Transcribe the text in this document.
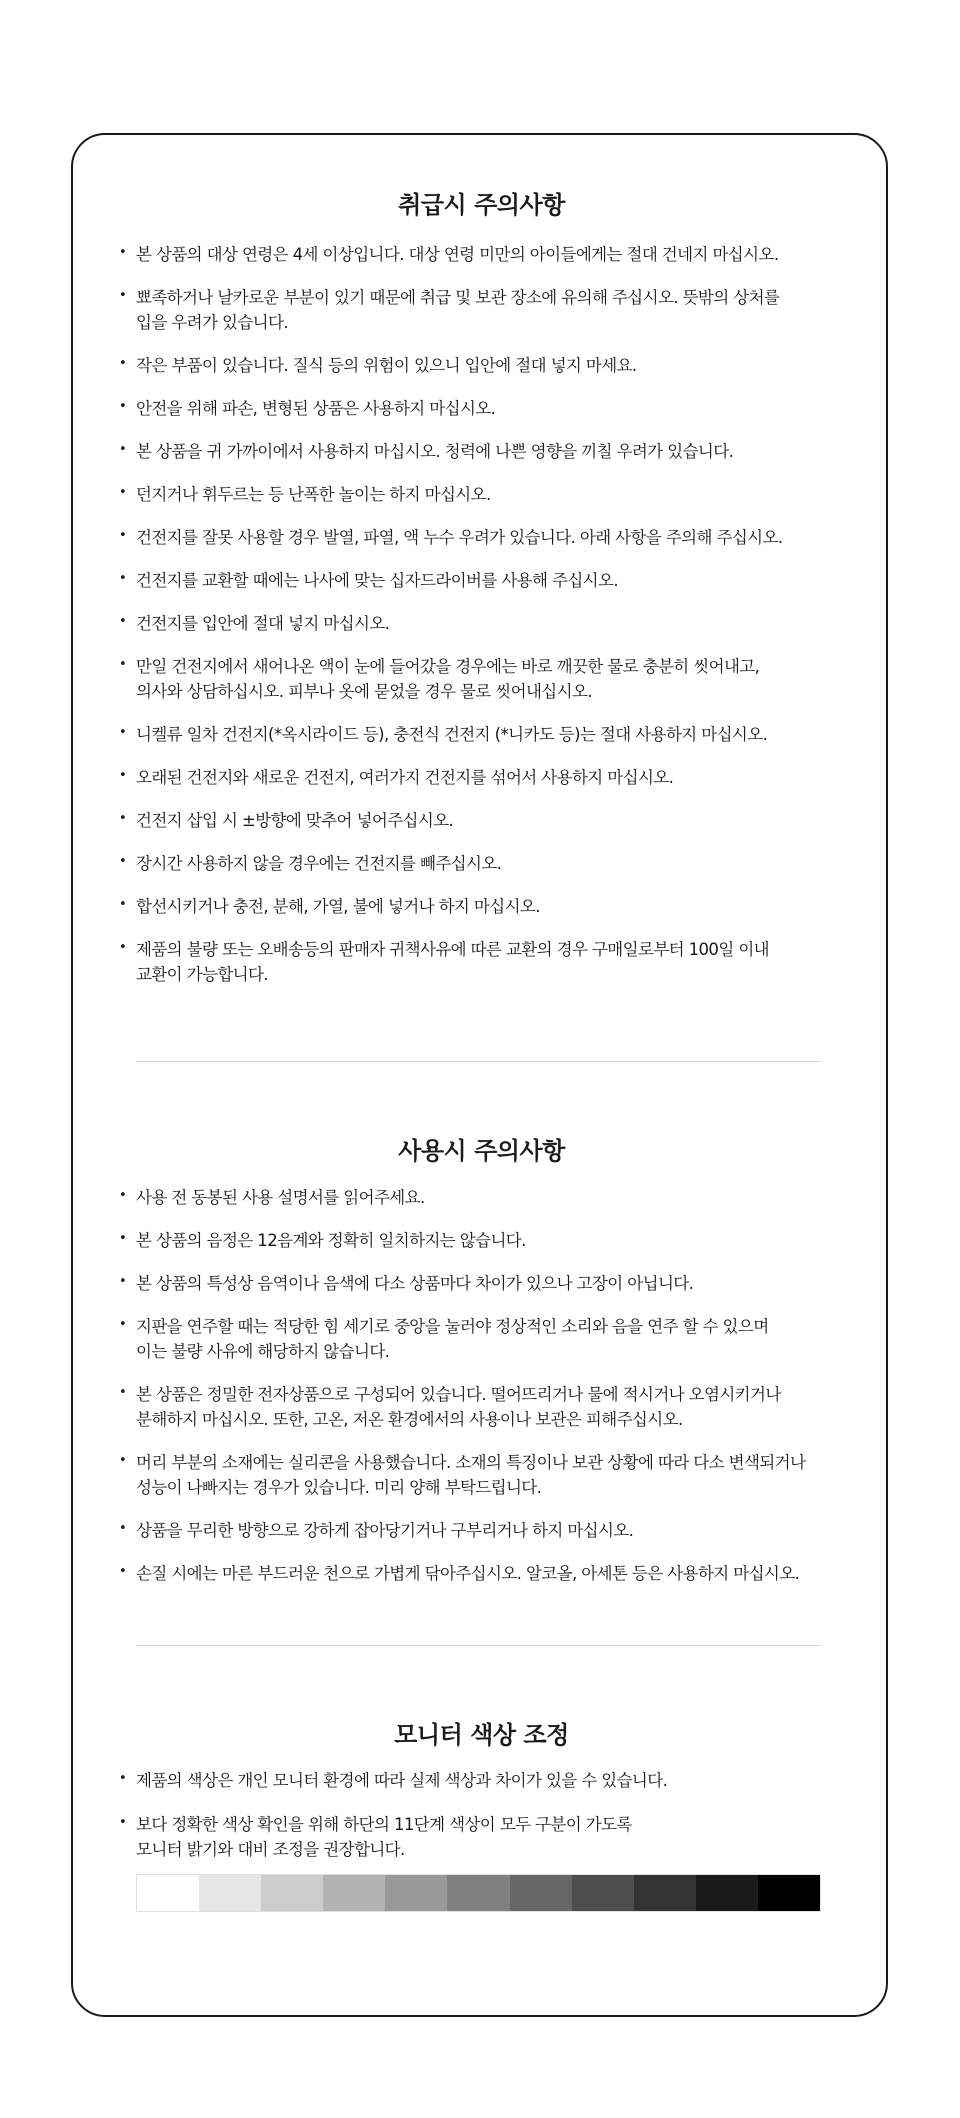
취급시 주의사항
• 본 상품의 대상 연령은 4세 이상입니다. 대상 연령 미만의 아이들에게는 절대 건네지 마십시오.
• 뾰족하거나 날카로운 부분이 있기 때문에 취급 및 보관 장소에 유의해 주십시오. 뜻밖의 상처를
입을 우려가 있습니다.
• 작은 부품이 있습니다. 질식 등의 위험이 있으니 입안에 절대 넣지 마세요.
• 안전을 위해 파손, 변형된 상품은 사용하지 마십시오.
• 본 상품을 귀 가까이에서 사용하지 마십시오. 청력에 나쁜 영향을 끼칠 우려가 있습니다.
• 던지거나 휘두르는 등 난폭한 놀이는 하지 마십시오.
• 건전지를 잘못 사용할 경우 발열, 파열, 액 누수 우려가 있습니다. 아래 사항을 주의해 주십시오.
• 건전지를 교환할 때에는 나사에 맞는 십자드라이버를 사용해 주십시오.
• 건전지를 입안에 절대 넣지 마십시오.
• 만일 건전지에서 새어나온 액이 눈에 들어갔을 경우에는 바로 깨끗한 물로 충분히 씻어내고,
의사와 상담하십시오. 피부나 옷에 묻었을 경우 물로 씻어내십시오.
• 니켈류 일차 건전지(*옥시라이드 등), 충전식 건전지 (*니카도 등)는 절대 사용하지 마십시오.
• 오래된 건전지와 새로운 건전지, 여러가지 건전지를 섞어서 사용하지 마십시오.
• 건전지 삽입 시 ±방향에 맞추어 넣어주십시오.
• 장시간 사용하지 않을 경우에는 건전지를 빼주십시오.
• 합선시키거나 충전, 분해, 가열, 불에 넣거나 하지 마십시오.
• 제품의 불량 또는 오배송등의 판매자 귀책사유에 따른 교환의 경우 구매일로부터 100일 이내
교환이 가능합니다.
사용시 주의사항
• 사용 전 동봉된 사용 설명서를 읽어주세요.
• 본 상품의 음정은 12음계와 정확히 일치하지는 않습니다.
• 본 상품의 특성상 음역이나 음색에 다소 상품마다 차이가 있으나 고장이 아닙니다.
• 지판을 연주할 때는 적당한 힘 세기로 중앙을 눌러야 정상적인 소리와 음을 연주 할 수 있으며
이는 불량 사유에 해당하지 않습니다.
• 본 상품은 정밀한 전자상품으로 구성되어 있습니다. 떨어뜨리거나 물에 적시거나 오염시키거나
분해하지 마십시오. 또한, 고온, 저온 환경에서의 사용이나 보관은 피해주십시오.
• 머리 부분의 소재에는 실리콘을 사용했습니다. 소재의 특징이나 보관 상황에 따라 다소 변색되거나
성능이 나빠지는 경우가 있습니다. 미리 양해 부탁드립니다.
• 상품을 무리한 방향으로 강하게 잡아당기거나 구부리거나 하지 마십시오.
• 손질 시에는 마른 부드러운 천으로 가볍게 닦아주십시오. 알코올, 아세톤 등은 사용하지 마십시오.
모니터 색상 조정
• 제품의 색상은 개인 모니터 환경에 따라 실제 색상과 차이가 있을 수 있습니다.
• 보다 정확한 색상 확인을 위해 하단의 11단계 색상이 모두 구분이 가도록
모니터 밝기와 대비 조정을 권장합니다.
